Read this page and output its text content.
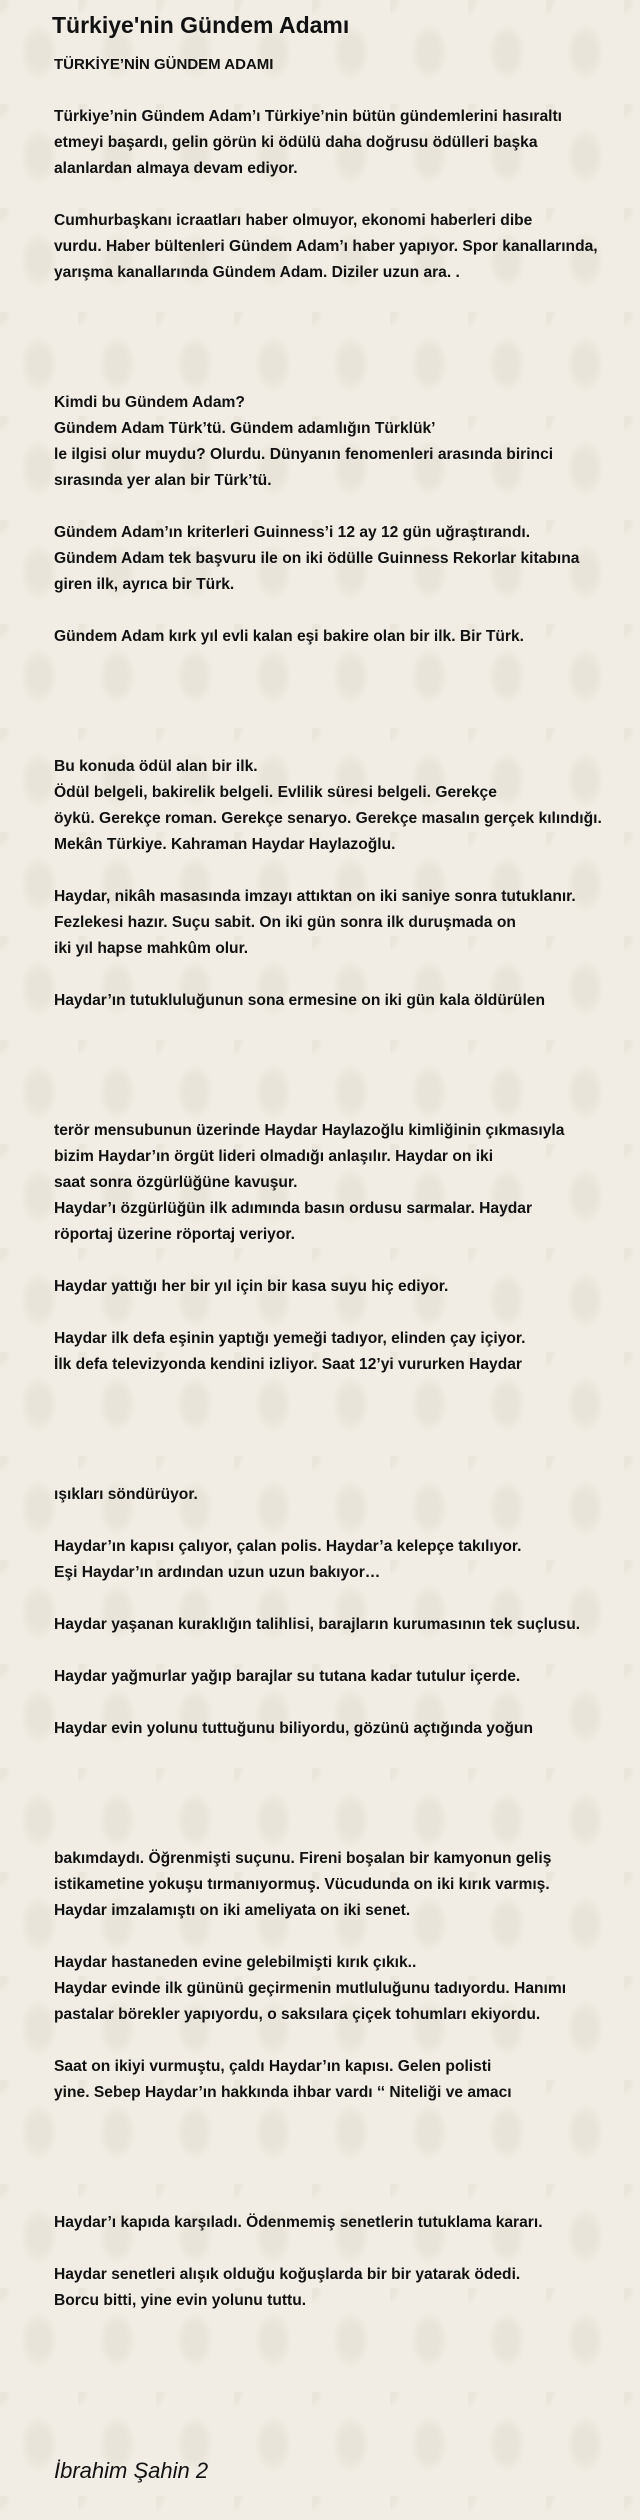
Türkiye'nin Gündem Adamı
TÜRKİYE’NİN GÜNDEM ADAMI

Türkiye’nin Gündem Adam’ı Türkiye’nin bütün gündemlerini hasıraltı
etmeyi başardı, gelin görün ki ödülü daha doğrusu ödülleri başka
alanlardan almaya devam ediyor.

Cumhurbaşkanı icraatları haber olmuyor, ekonomi haberleri dibe
vurdu. Haber bültenleri Gündem Adam’ı haber yapıyor. Spor kanallarında,
yarışma kanallarında Gündem Adam. Diziler uzun ara. .

Kimdi bu Gündem Adam?
Gündem Adam Türk’tü. Gündem adamlığın Türklük’
le ilgisi olur muydu? Olurdu. Dünyanın fenomenleri arasında birinci
sırasında yer alan bir Türk’tü.

Gündem Adam’ın kriterleri Guinness’i 12 ay 12 gün uğraştırandı.
Gündem Adam tek başvuru ile on iki ödülle Guinness Rekorlar kitabına
giren ilk, ayrıca bir Türk.

Gündem Adam kırk yıl evli kalan eşi bakire olan bir ilk. Bir Türk.

Bu konuda ödül alan bir ilk.
Ödül belgeli, bakirelik belgeli. Evlilik süresi belgeli. Gerekçe
öykü. Gerekçe roman. Gerekçe senaryo. Gerekçe masalın gerçek kılındığı.
Mekân Türkiye. Kahraman Haydar Haylazoğlu.

Haydar, nikâh masasında imzayı attıktan on iki saniye sonra tutuklanır.
Fezlekesi hazır. Suçu sabit. On iki gün sonra ilk duruşmada on
iki yıl hapse mahkûm olur.

Haydar’ın tutukluluğunun sona ermesine on iki gün kala öldürülen

terör mensubunun üzerinde Haydar Haylazoğlu kimliğinin çıkmasıyla
bizim Haydar’ın örgüt lideri olmadığı anlaşılır. Haydar on iki
saat sonra özgürlüğüne kavuşur.
Haydar’ı özgürlüğün ilk adımında basın ordusu sarmalar. Haydar
röportaj üzerine röportaj veriyor.

Haydar yattığı her bir yıl için bir kasa suyu hiç ediyor.

Haydar ilk defa eşinin yaptığı yemeği tadıyor, elinden çay içiyor.
İlk defa televizyonda kendini izliyor. Saat 12’yi vururken Haydar

ışıkları söndürüyor.

Haydar’ın kapısı çalıyor, çalan polis. Haydar’a kelepçe takılıyor.
Eşi Haydar’ın ardından uzun uzun bakıyor…

Haydar yaşanan kuraklığın talihlisi, barajların kurumasının tek suçlusu.

Haydar yağmurlar yağıp barajlar su tutana kadar tutulur içerde.

Haydar evin yolunu tuttuğunu biliyordu, gözünü açtığında yoğun

bakımdaydı. Öğrenmişti suçunu. Fireni boşalan bir kamyonun geliş
istikametine yokuşu tırmanıyormuş. Vücudunda on iki kırık varmış.
Haydar imzalamıştı on iki ameliyata on iki senet.

Haydar hastaneden evine gelebilmişti kırık çıkık..
Haydar evinde ilk gününü geçirmenin mutluluğunu tadıyordu. Hanımı
pastalar börekler yapıyordu, o saksılara çiçek tohumları ekiyordu.

Saat on ikiyi vurmuştu, çaldı Haydar’ın kapısı. Gelen polisti
yine. Sebep Haydar’ın hakkında ihbar vardı ‘‘ Niteliği ve amacı

Haydar’ı kapıda karşıladı. Ödenmemiş senetlerin tutuklama kararı.

Haydar senetleri alışık olduğu koğuşlarda bir bir yatarak ödedi.
Borcu bitti, yine evin yolunu tuttu.

İbrahim Şahin 2
